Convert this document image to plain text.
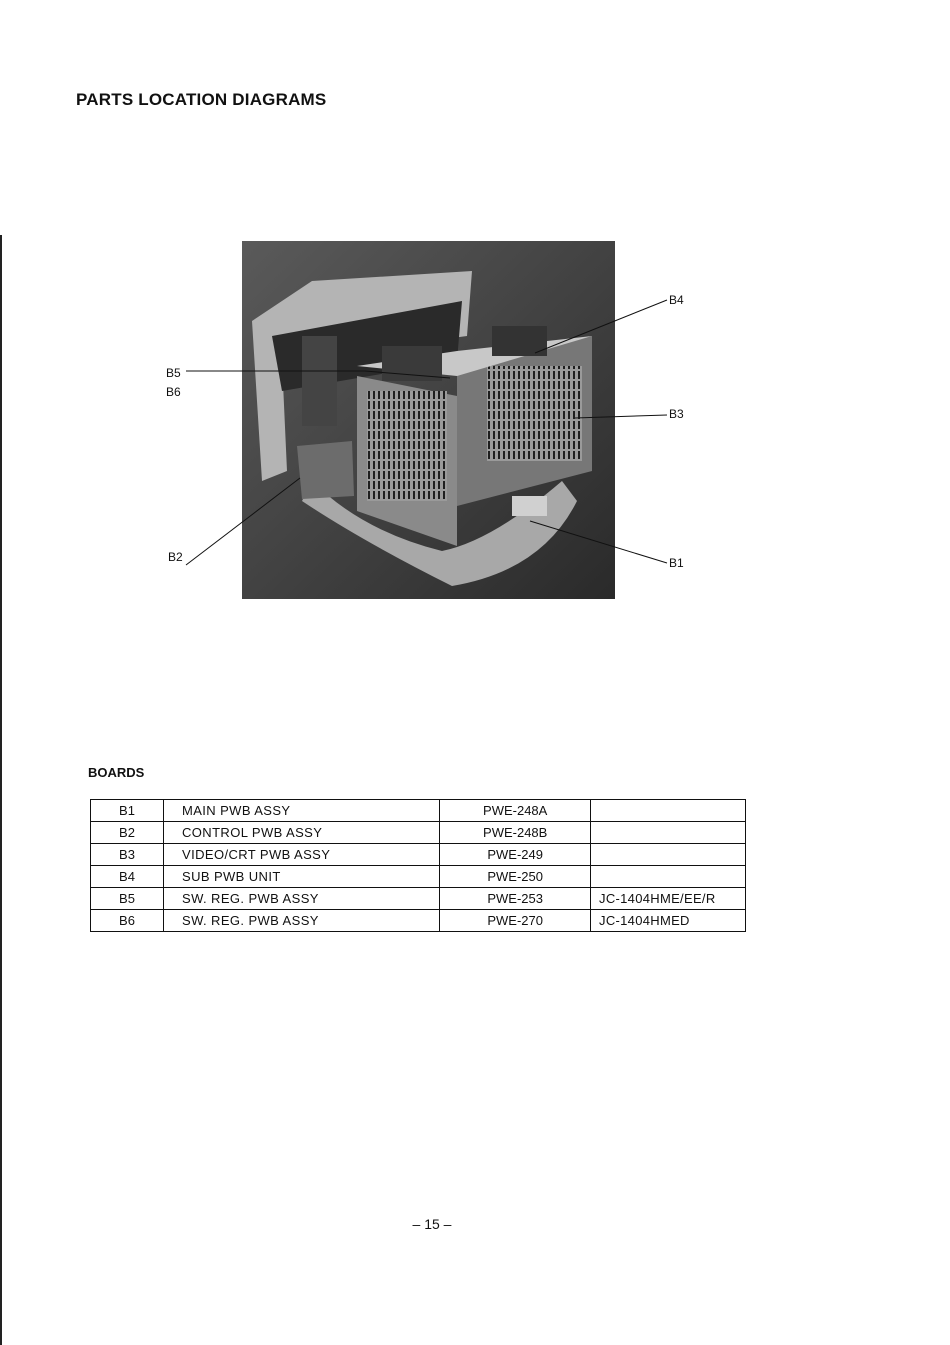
PARTS LOCATION DIAGRAMS
B5
B6
B2
B4
B3
B1
BOARDS
B1	MAIN PWB ASSY	PWE-248A	
B2	CONTROL PWB ASSY	PWE-248B	
B3	VIDEO/CRT PWB ASSY	PWE-249	
B4	SUB PWB UNIT	PWE-250	
B5	SW. REG. PWB ASSY	PWE-253	JC-1404HME/EE/R
B6	SW. REG. PWB ASSY	PWE-270	JC-1404HMED
– 15 –
